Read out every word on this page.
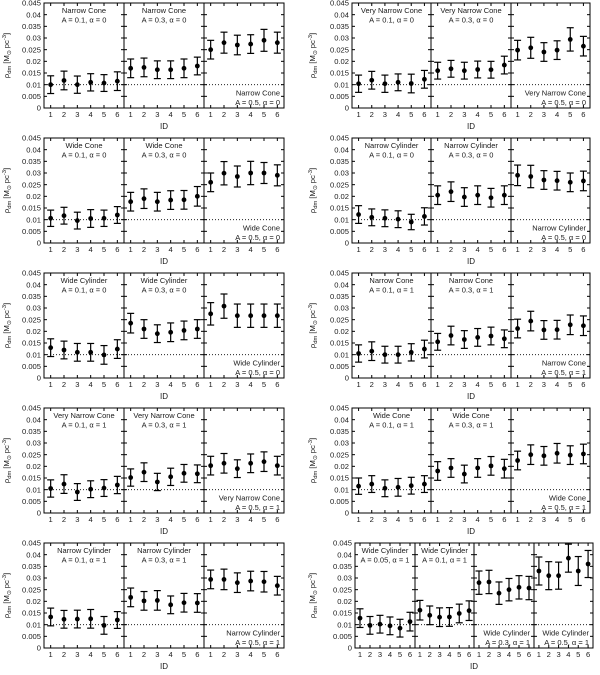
0
0.005
0.01
0.015
0.02
0.025
0.03
0.035
0.04
0.045
$\rho_{dm}$ [$M_⊙$ $pc^{-3}$]
1 2 3 4 5 6
Narrow Cone
A = 0.1, α = 0
1 2 3 4 5 6
Narrow Cone
A = 0.3, α = 0
1 2 3 4 5 6
Narrow Cone
A = 0.5, α = 0
ID
0
0.005
0.01
0.015
0.02
0.025
0.03
0.035
0.04
0.045
$\rho_{dm}$ [$M_⊙$ $pc^{-3}$]
1 2 3 4 5 6
Very Narrow Cone
A = 0.1, α = 0
1 2 3 4 5 6
Very Narrow Cone
A = 0.3, α = 0
1 2 3 4 5 6
Very Narrow Cone
A = 0.5, α = 0
ID
0
0.005
0.01
0.015
0.02
0.025
0.03
0.035
0.04
0.045
$\rho_{dm}$ [$M_⊙$ $pc^{-3}$]
1 2 3 4 5 6
Wide Cone
A = 0.1, α = 0
1 2 3 4 5 6
Wide Cone
A = 0.3, α = 0
1 2 3 4 5 6
Wide Cone
A = 0.5, α = 0
ID
0
0.005
0.01
0.015
0.02
0.025
0.03
0.035
0.04
0.045
$\rho_{dm}$ [$M_⊙$ $pc^{-3}$]
1 2 3 4 5 6
Narrow Cylinder
A = 0.1, α = 0
1 2 3 4 5 6
Narrow Cylinder
A = 0.3, α = 0
1 2 3 4 5 6
Narrow Cylinder
A = 0.5, α = 0
ID
0
0.005
0.01
0.015
0.02
0.025
0.03
0.035
0.04
0.045
$\rho_{dm}$ [$M_⊙$ $pc^{-3}$]
1 2 3 4 5 6
Wide Cylinder
A = 0.1, α = 0
1 2 3 4 5 6
Wide Cylinder
A = 0.3, α = 0
1 2 3 4 5 6
Wide Cylinder
A = 0.5, α = 0
ID
0
0.005
0.01
0.015
0.02
0.025
0.03
0.035
0.04
0.045
$\rho_{dm}$ [$M_⊙$ $pc^{-3}$]
1 2 3 4 5 6
Narrow Cone
A = 0.1, α = 1
1 2 3 4 5 6
Narrow Cone
A = 0.3, α = 1
1 2 3 4 5 6
Narrow Cone
A = 0.5, α = 1
ID
0
0.005
0.01
0.015
0.02
0.025
0.03
0.035
0.04
0.045
$\rho_{dm}$ [$M_⊙$ $pc^{-3}$]
1 2 3 4 5 6
Very Narrow Cone
A = 0.1, α = 1
1 2 3 4 5 6
Very Narrow Cone
A = 0.3, α = 1
1 2 3 4 5 6
Very Narrow Cone
A = 0.5, α = 1
ID
0
0.005
0.01
0.015
0.02
0.025
0.03
0.035
0.04
0.045
$\rho_{dm}$ [$M_⊙$ $pc^{-3}$]
1 2 3 4 5 6
Wide Cone
A = 0.1, α = 1
1 2 3 4 5 6
Wide Cone
A = 0.3, α = 1
1 2 3 4 5 6
Wide Cone
A = 0.5, α = 1
ID
0
0.005
0.01
0.015
0.02
0.025
0.03
0.035
0.04
0.045
$\rho_{dm}$ [$M_⊙$ $pc^{-3}$]
1 2 3 4 5 6
Narrow Cylinder
A = 0.1, α = 1
1 2 3 4 5 6
Narrow Cylinder
A = 0.3, α = 1
1 2 3 4 5 6
Narrow Cylinder
A = 0.5, α = 1
ID
0
0.005
0.01
0.015
0.02
0.025
0.03
0.035
0.04
0.045
$\rho_{dm}$ [$M_⊙$ $pc^{-3}$]
1 2 3 4 5 6
Wide Cylinder
A = 0.05, α = 1
1 2 3 4 5 6
Wide Cylinder
A = 0.1, α = 1
1 2 3 4 5 6
Wide Cylinder
A = 0.3, α = 1
1 2 3 4 5 6
Wide Cylinder
A = 0.5, α = 1
ID
